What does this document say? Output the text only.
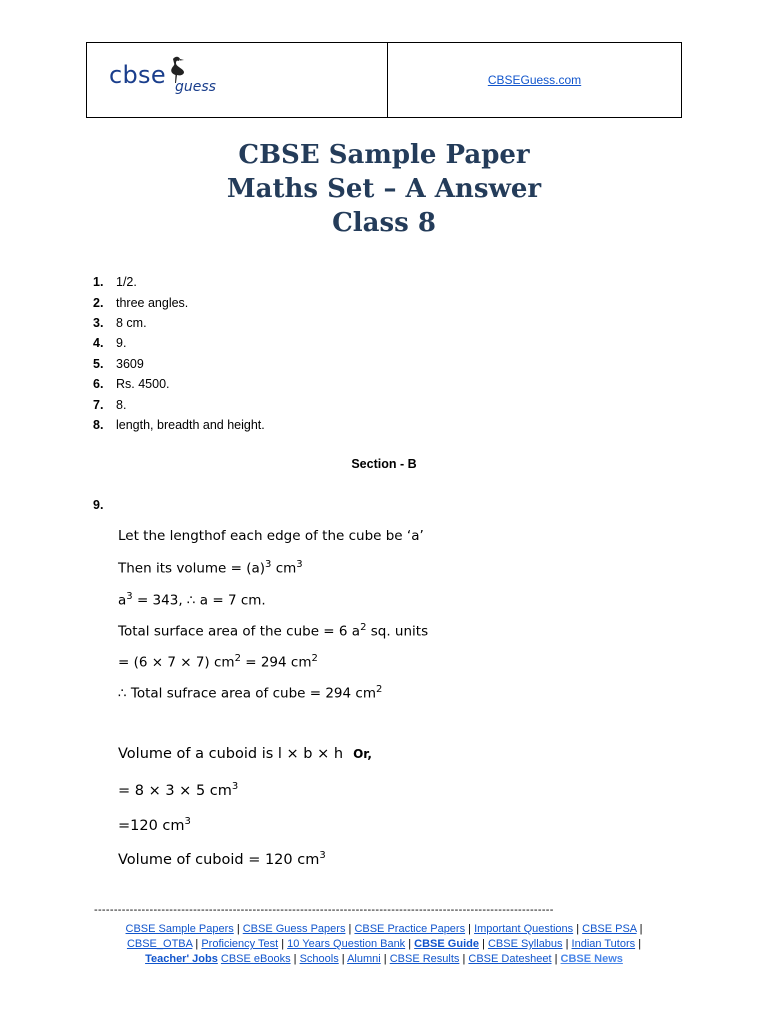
cbse guess	CBSEGuess.com
CBSE Sample Paper
Maths Set – A Answer
Class 8
1.	1/2.
2.	three angles.
3.	8 cm.
4.	9.
5.	3609
6.	Rs. 4500.
7.	8.
8.	length, breadth and height.
Section - B
9.
Let the lengthof each edge of the cube be ‘a’
Then its volume = $(a)^3$ $cm^3$
$a^3 = 343$, ∴ a = 7 cm.
Total surface area of the cube = 6 $a^2$ sq. units
= (6 × 7 × 7) $cm^2 = 294$ $cm^2$
∴ Total sufrace area of cube = 294 $cm^2$
Volume of a cuboid is l × b × h Or,
= 8 × 3 × 5 $cm^3$
=120 $cm^3$
Volume of cuboid = 120 $cm^3$
--------------------------------------------------------------------------------------------------------------------
CBSE Sample Papers | CBSE Guess Papers | CBSE Practice Papers | Important Questions | CBSE PSA |
CBSE_OTBA | Proficiency Test | 10 Years Question Bank | CBSE Guide | CBSE Syllabus | Indian Tutors |
Teacher' Jobs CBSE eBooks | Schools | Alumni | CBSE Results | CBSE Datesheet | CBSE News
